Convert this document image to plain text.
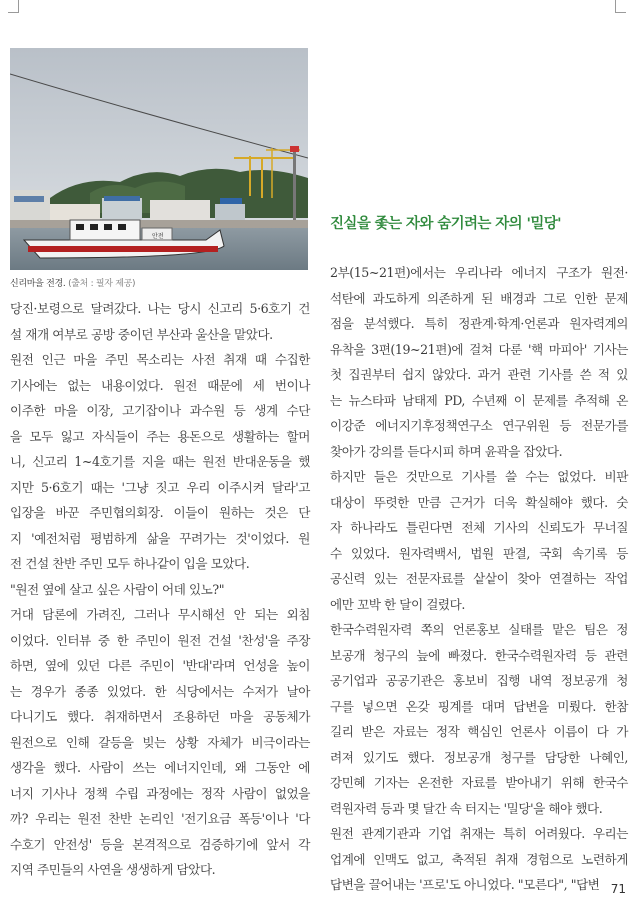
안전
신리마을 전경. (출처 : 필자 제공)
진실을 좇는 자와 숨기려는 자의 '밀당'
당진·보령으로 달려갔다. 나는 당시 신고리 5·6호기 건
설 재개 여부로 공방 중이던 부산과 울산을 맡았다.
원전 인근 마을 주민 목소리는 사전 취재 때 수집한
기사에는 없는 내용이었다. 원전 때문에 세 번이나
이주한 마을 이장, 고기잡이나 과수원 등 생계 수단
을 모두 잃고 자식들이 주는 용돈으로 생활하는 할머
니, 신고리 1~4호기를 지을 때는 원전 반대운동을 했
지만 5·6호기 때는 '그냥 짓고 우리 이주시켜 달라'고
입장을 바꾼 주민협의회장. 이들이 원하는 것은 단
지 '예전처럼 평범하게 삶을 꾸려가는 것'이었다. 원
전 건설 찬반 주민 모두 하나같이 입을 모았다.
"원전 옆에 살고 싶은 사람이 어데 있노?"
거대 담론에 가려진, 그러나 무시해선 안 되는 외침
이었다. 인터뷰 중 한 주민이 원전 건설 '찬성'을 주장
하면, 옆에 있던 다른 주민이 '반대'라며 언성을 높이
는 경우가 종종 있었다. 한 식당에서는 수저가 날아
다니기도 했다. 취재하면서 조용하던 마을 공동체가
원전으로 인해 갈등을 빚는 상황 자체가 비극이라는
생각을 했다. 사람이 쓰는 에너지인데, 왜 그동안 에
너지 기사나 정책 수립 과정에는 정작 사람이 없었을
까? 우리는 원전 찬반 논리인 '전기요금 폭등'이나 '다
수호기 안전성' 등을 본격적으로 검증하기에 앞서 각
지역 주민들의 사연을 생생하게 담았다.
2부(15~21편)에서는 우리나라 에너지 구조가 원전·
석탄에 과도하게 의존하게 된 배경과 그로 인한 문제
점을 분석했다. 특히 정관계·학계·언론과 원자력계의
유착을 3편(19~21편)에 걸쳐 다룬 '핵 마피아' 기사는
첫 집권부터 쉽지 않았다. 과거 관련 기사를 쓴 적 있
는 뉴스타파 남태제 PD, 수년째 이 문제를 추적해 온
이강준 에너지기후정책연구소 연구위원 등 전문가를
찾아가 강의를 듣다시피 하며 윤곽을 잡았다.
하지만 들은 것만으로 기사를 쓸 수는 없었다. 비판
대상이 뚜렷한 만큼 근거가 더욱 확실해야 했다. 숫
자 하나라도 틀린다면 전체 기사의 신뢰도가 무너질
수 있었다. 원자력백서, 법원 판결, 국회 속기록 등
공신력 있는 전문자료를 샅샅이 찾아 연결하는 작업
에만 꼬박 한 달이 걸렸다.
한국수력원자력 쪽의 언론홍보 실태를 맡은 팀은 정
보공개 청구의 늪에 빠졌다. 한국수력원자력 등 관련
공기업과 공공기관은 홍보비 집행 내역 정보공개 청
구를 넣으면 온갖 핑계를 대며 답변을 미뤘다. 한참
길리 받은 자료는 정작 핵심인 언론사 이름이 다 가
려져 있기도 했다. 정보공개 청구를 담당한 나혜인,
강민혜 기자는 온전한 자료를 받아내기 위해 한국수
력원자력 등과 몇 달간 속 터지는 '밀당'을 해야 했다.
원전 관계기관과 기업 취재는 특히 어려웠다. 우리는
업계에 인맥도 없고, 축적된 취재 경험으로 노련하게
답변을 끌어내는 '프로'도 아니었다. "모른다", "답변 71
